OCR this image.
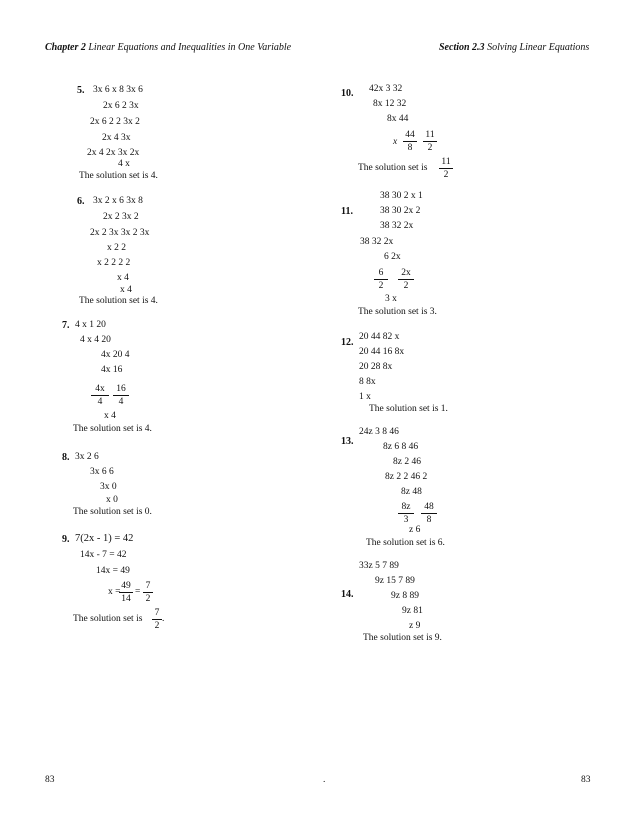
Chapter 2 Linear Equations and Inequalities in One Variable	Section 2.3 Solving Linear Equations
5. 3x 6 x 8 3x 6
2x 6 2 3x
2x 6 2 2 3x 2
2x 4 3x
2x 4 2x 3x 2x
4 x
The solution set is 4.
6. 3x 2 x 6 3x 8
2x 2 3x 2
2x 2 3x 3x 2 3x
x 2 2
x 2 2 2 2
x 4
x 4
The solution set is 4.
7. 4 x 1 20
4 x 4 20
4x 20 4
4x 16
4x
4
16
4
x 4
The solution set is 4.
8. 3x 2 6
3x 6 6
3x 0
x 0
The solution set is 0.
9. 7(2x - 1) = 42
14x - 7 = 42
14x = 49
x =
49
14
=
7
2
The solution set is
7
2
.
10. 42x 3 32
8x 12 32
8x 44
x
44
8
11
2
The solution set is
11
2
11.
38 30 2 x 1
38 30 2x 2
38 32 2x
38 32 2x
6 2x
6
2
2x
2
3 x
The solution set is 3.
12. 20 44 82 x
20 44 16 8x
20 28 8x
8 8x
1 x
The solution set is 1.
13.
24z 3 8 46
8z 6 8 46
8z 2 46
8z 2 2 46 2
8z 48
8z
3
48
8
z 6
The solution set is 6.
14.
33z 5 7 89
9z 15 7 89
9z 8 89
9z 81
z 9
The solution set is 9.
83	.	83
